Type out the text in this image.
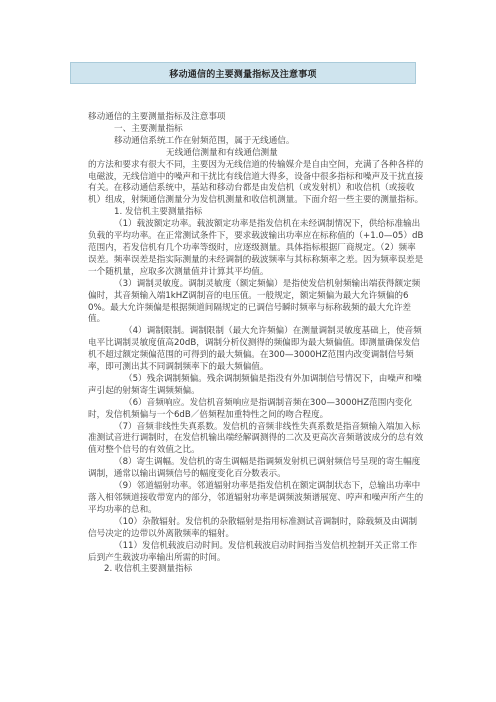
移动通信的主要测量指标及注意事项

移动通信的主要测量指标及注意事项

一、主要测量指标

移动通信系统工作在射频范围，属于无线通信。

无线通信测量和有线通信测量

的方法和要求有很大不同，主要因为无线信道的传输媒介是自由空间，充满了各种各样的电磁波，无线信道中的噪声和干扰比有线信道大得多，设备中很多指标和噪声及干扰直接有关。在移动通信系统中，基站和移动台都是由发信机（或发射机）和收信机（或接收机）组成，射频通信测量分为发信机测量和收信机测量。下面介绍一些主要的测量指标。

1. 发信机主要测量指标

（1）载波额定功率。载波额定功率是指发信机在未经调制情况下，供给标准输出负载的平均功率。在正常测试条件下，要求载波输出功率应在标称值的（+1.0—05）dB范围内，若发信机有几个功率等级时，应逐级测量。具体指标根据厂商规定。（2）频率误差。频率误差是指实际测量的未经调制的载波频率与其标称频率之差。因为频率误差是一个随机量，应取多次测量值并计算其平均值。

（3）调制灵敏度。调制灵敏度（额定频偏）是指使发信机射频输出端获得额定频偏时，其音频输入端1kHZ调制音的电压值。一般规定，额定频偏为最大允许频偏的60%。最大允许频偏是根据频道间隔规定的已调信号瞬时频率与标称载频的最大允许差值。

（4）调制限制。调制限制（最大允许频偏）在测量调制灵敏度基础上，使音频电平比调制灵敏度值高20dB，调制分析仪测得的频偏即为最大频偏值。即测量确保发信机不超过额定频偏范围的可得到的最大频偏。在300—3000HZ范围内改变调制信号频率，即可测出其不同调制频率下的最大频偏值。

（5）残余调制频偏。残余调制频偏是指没有外加调制信号情况下，由噪声和噪声引起的射频寄生调频频偏。

（6）音频响应。发信机音频响应是指调制音频在300—3000HZ范围内变化时，发信机频偏与一个6dB／倍频程加重特性之间的吻合程度。

（7）音频非线性失真系数。发信机的音频非线性失真系数是指音频输入端加入标准测试音进行调制时，在发信机输出端经解调测得的二次及更高次音频谐波成分的总有效值对整个信号的有效值之比。

（8）寄生调幅。发信机的寄生调幅是指调频发射机已调射频信号呈现的寄生幅度调制，通常以输出调频信号的幅度变化百分数表示。

（9）邻道辐射功率。邻道辐射功率是指发信机在额定调制状态下，总输出功率中落入相邻频道接收带宽内的部分，邻道辐射功率是调频波频谱展宽、哼声和噪声所产生的平均功率的总和。

（10）杂散辐射。发信机的杂散辐射是指用标准测试音调制时，除载频及由调制信号决定的边带以外离散频率的辐射。

（11）发信机载波启动时间。发信机载波启动时间指当发信机控制开关正常工作后到产生载波功率输出所需的时间。

2. 收信机主要测量指标
